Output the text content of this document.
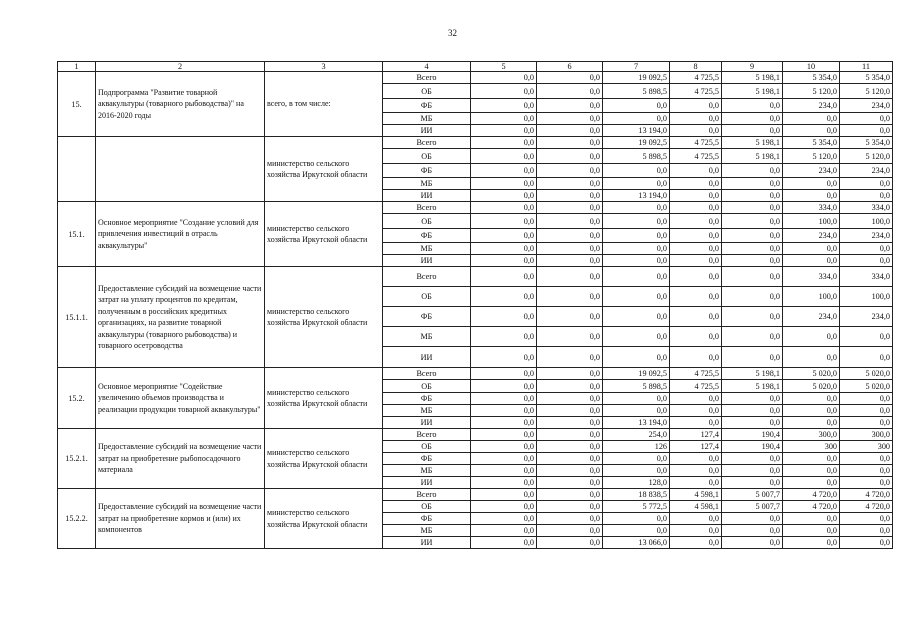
32
1	2	3	4	5	6	7	8	9	10	11
15.	Подпрограмма "Развитие товарной аквакультуры (товарного рыбоводства)" на 2016-2020 годы	всего, в том числе:	Всего	0,0	0,0	19 092,5	4 725,5	5 198,1	5 354,0	5 354,0
			ОБ	0,0	0,0	5 898,5	4 725,5	5 198,1	5 120,0	5 120,0
			ФБ	0,0	0,0	0,0	0,0	0,0	234,0	234,0
			МБ	0,0	0,0	0,0	0,0	0,0	0,0	0,0
			ИИ	0,0	0,0	13 194,0	0,0	0,0	0,0	0,0
		министерство сельского хозяйства Иркутской области	Всего	0,0	0,0	19 092,5	4 725,5	5 198,1	5 354,0	5 354,0
			ОБ	0,0	0,0	5 898,5	4 725,5	5 198,1	5 120,0	5 120,0
			ФБ	0,0	0,0	0,0	0,0	0,0	234,0	234,0
			МБ	0,0	0,0	0,0	0,0	0,0	0,0	0,0
			ИИ	0,0	0,0	13 194,0	0,0	0,0	0,0	0,0
15.1.	Основное мероприятие "Создание условий для привлечения инвестиций в отрасль аквакультуры"	министерство сельского хозяйства Иркутской области	Всего	0,0	0,0	0,0	0,0	0,0	334,0	334,0
			ОБ	0,0	0,0	0,0	0,0	0,0	100,0	100,0
			ФБ	0,0	0,0	0,0	0,0	0,0	234,0	234,0
			МБ	0,0	0,0	0,0	0,0	0,0	0,0	0,0
			ИИ	0,0	0,0	0,0	0,0	0,0	0,0	0,0
15.1.1.	Предоставление субсидий на возмещение части затрат на уплату процентов по кредитам, полученным в российских кредитных организациях, на развитие товарной аквакультуры (товарного рыбоводства) и товарного осетроводства	министерство сельского хозяйства Иркутской области	Всего	0,0	0,0	0,0	0,0	0,0	334,0	334,0
			ОБ	0,0	0,0	0,0	0,0	0,0	100,0	100,0
			ФБ	0,0	0,0	0,0	0,0	0,0	234,0	234,0
			МБ	0,0	0,0	0,0	0,0	0,0	0,0	0,0
			ИИ	0,0	0,0	0,0	0,0	0,0	0,0	0,0
15.2.	Основное мероприятие "Содействие увеличению объемов производства и реализации продукции товарной аквакультуры"	министерство сельского хозяйства Иркутской области	Всего	0,0	0,0	19 092,5	4 725,5	5 198,1	5 020,0	5 020,0
			ОБ	0,0	0,0	5 898,5	4 725,5	5 198,1	5 020,0	5 020,0
			ФБ	0,0	0,0	0,0	0,0	0,0	0,0	0,0
			МБ	0,0	0,0	0,0	0,0	0,0	0,0	0,0
			ИИ	0,0	0,0	13 194,0	0,0	0,0	0,0	0,0
15.2.1.	Предоставление субсидий на возмещение части затрат на приобретение рыбопосадочного материала	министерство сельского хозяйства Иркутской области	Всего	0,0	0,0	254,0	127,4	190,4	300,0	300,0
			ОБ	0,0	0,0	126	127,4	190,4	300	300
			ФБ	0,0	0,0	0,0	0,0	0,0	0,0	0,0
			МБ	0,0	0,0	0,0	0,0	0,0	0,0	0,0
			ИИ	0,0	0,0	128,0	0,0	0,0	0,0	0,0
15.2.2.	Предоставление субсидий на возмещение части затрат на приобретение кормов и (или) их компонентов	министерство сельского хозяйства Иркутской области	Всего	0,0	0,0	18 838,5	4 598,1	5 007,7	4 720,0	4 720,0
			ОБ	0,0	0,0	5 772,5	4 598,1	5 007,7	4 720,0	4 720,0
			ФБ	0,0	0,0	0,0	0,0	0,0	0,0	0,0
			МБ	0,0	0,0	0,0	0,0	0,0	0,0	0,0
			ИИ	0,0	0,0	13 066,0	0,0	0,0	0,0	0,0
